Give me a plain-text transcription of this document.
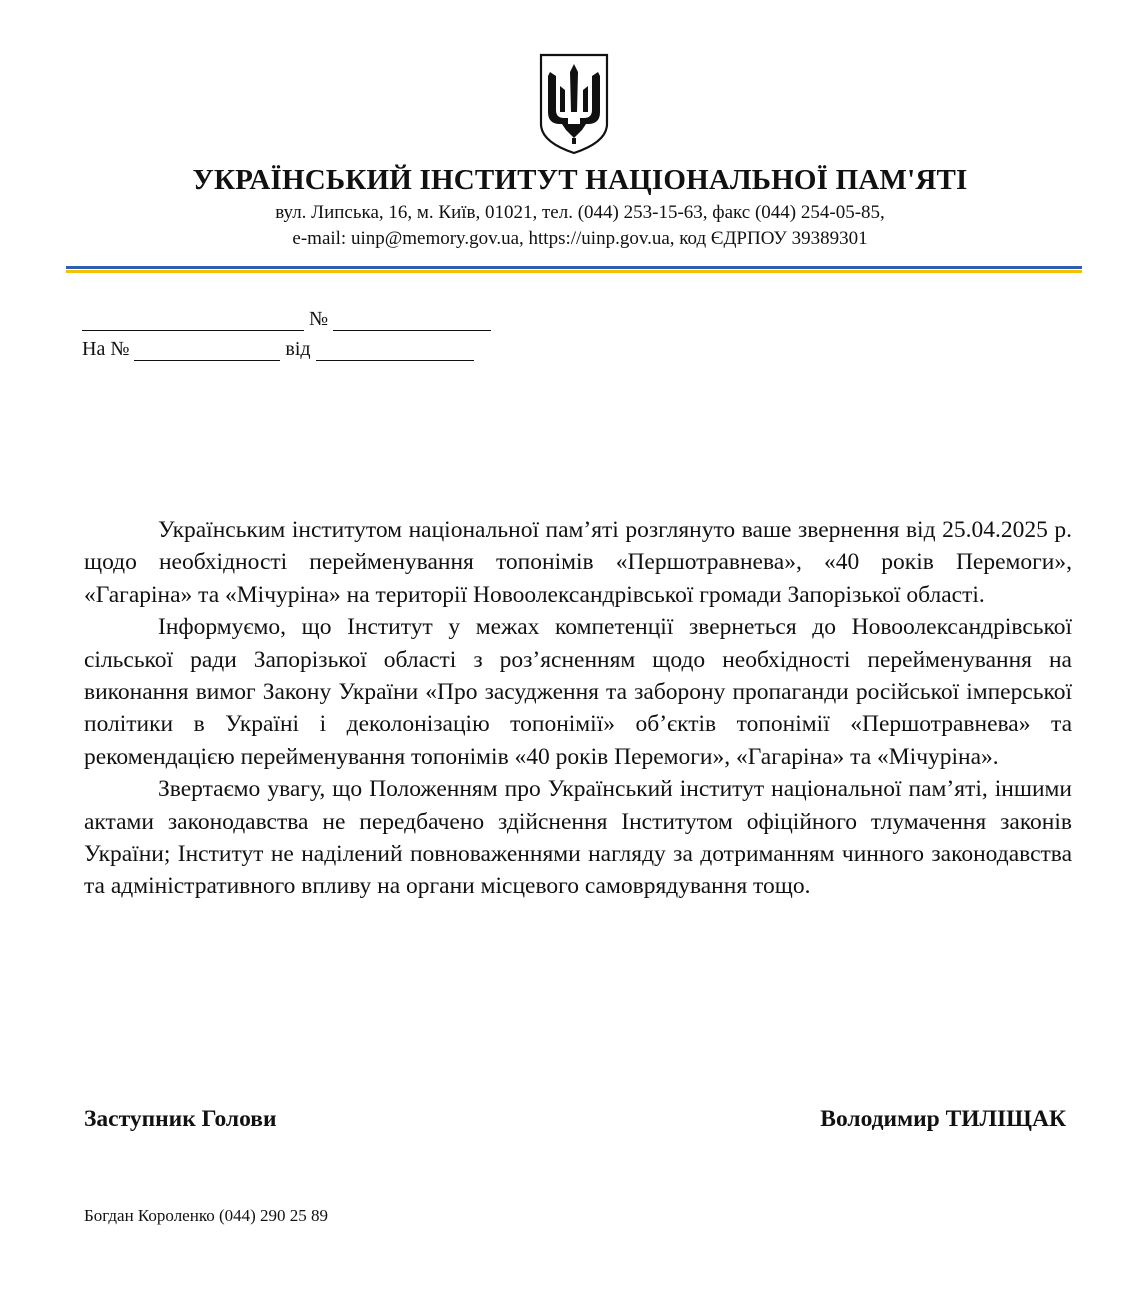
УКРАЇНСЬКИЙ ІНСТИТУТ НАЦІОНАЛЬНОЇ ПАМ'ЯТІ
вул. Липська, 16, м. Київ, 01021, тел. (044) 253-15-63, факс (044) 254-05-85,
e-mail: uinp@memory.gov.ua, https://uinp.gov.ua, код ЄДРПОУ 39389301
№
На №	від

Українським інститутом національної пам’яті розглянуто ваше звернення від 25.04.2025 р. щодо необхідності перейменування топонімів «Першотравнева», «40 років Перемоги», «Гагаріна» та «Мічуріна» на території Новоолександрівської громади Запорізької області.

Інформуємо, що Інститут у межах компетенції звернеться до Новоолександрівської сільської ради Запорізької області з роз’ясненням щодо необхідності перейменування на виконання вимог Закону України «Про засудження та заборону пропаганди російської імперської політики в Україні і деколонізацію топонімії» об’єктів топонімії «Першотравнева» та рекомендацією перейменування топонімів «40 років Перемоги», «Гагаріна» та «Мічуріна».

Звертаємо увагу, що Положенням про Український інститут національної пам’яті, іншими актами законодавства не передбачено здійснення Інститутом офіційного тлумачення законів України; Інститут не наділений повноваженнями нагляду за дотриманням чинного законодавства та адміністративного впливу на органи місцевого самоврядування тощо.

Заступник Голови	Володимир ТИЛІЩАК
Богдан Короленко (044) 290 25 89
